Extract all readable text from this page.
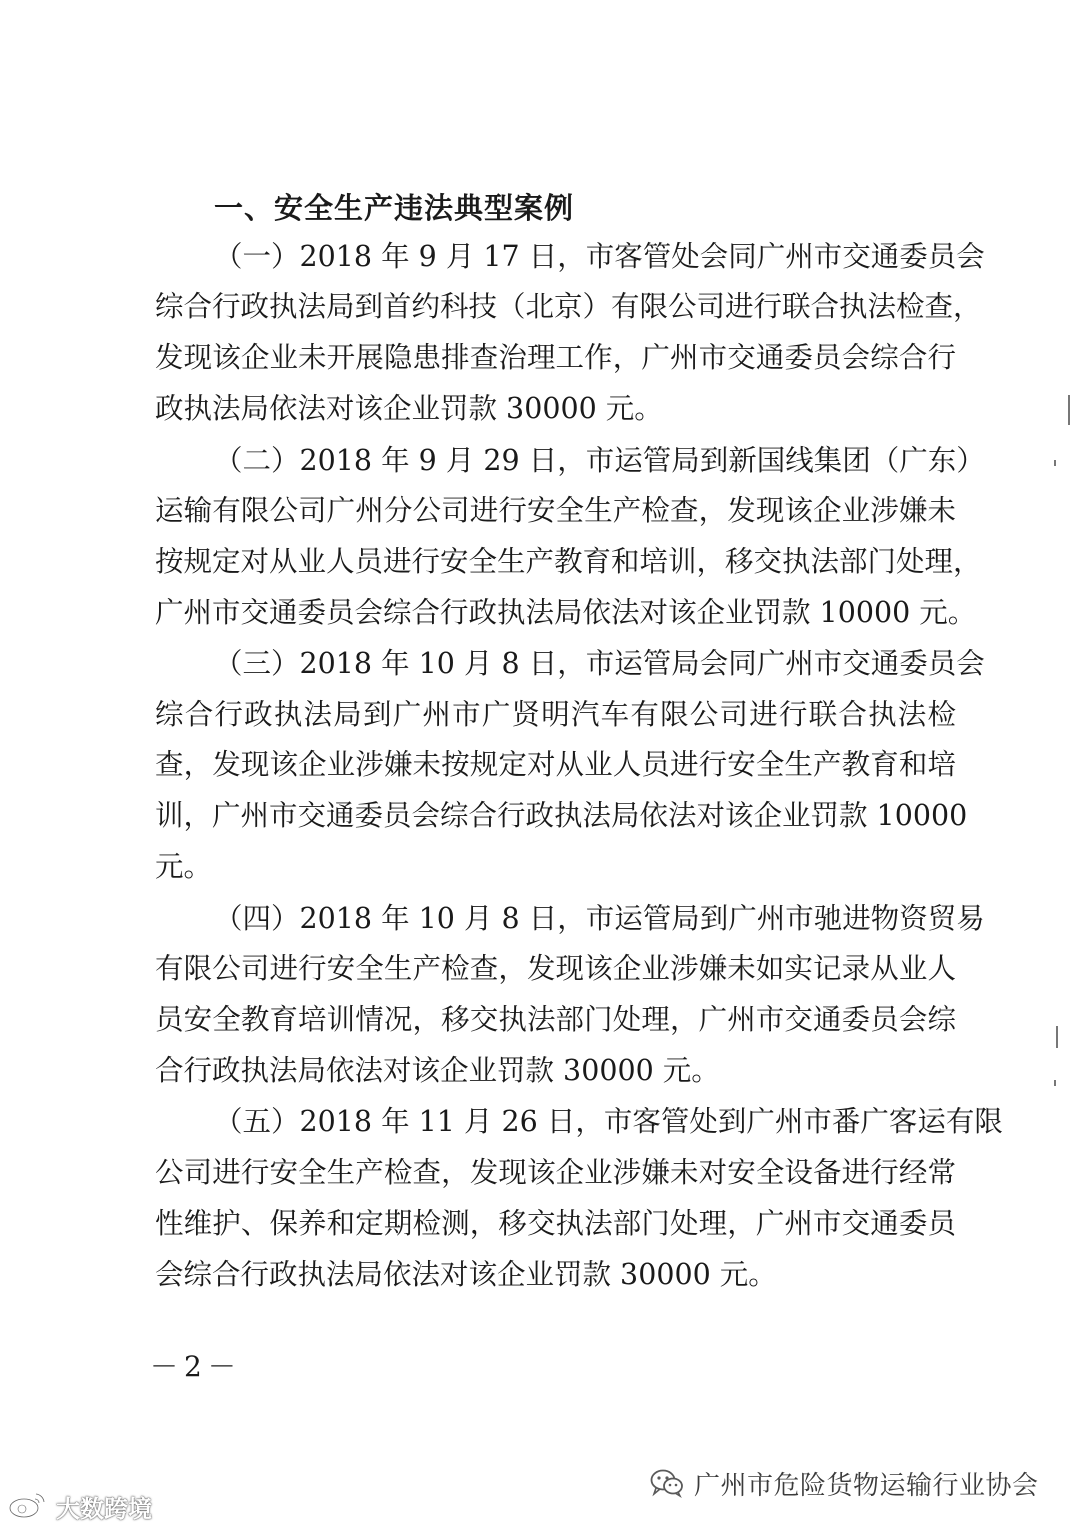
一、安全生产违法典型案例
（一）2018 年 9 月 17 日，市客管处会同广州市交通委员会
综合行政执法局到首约科技（北京）有限公司进行联合执法检查，
发现该企业未开展隐患排查治理工作，广州市交通委员会综合行
政执法局依法对该企业罚款 30000 元。
（二）2018 年 9 月 29 日，市运管局到新国线集团（广东）
运输有限公司广州分公司进行安全生产检查，发现该企业涉嫌未
按规定对从业人员进行安全生产教育和培训，移交执法部门处理，
广州市交通委员会综合行政执法局依法对该企业罚款 10000 元。
（三）2018 年 10 月 8 日，市运管局会同广州市交通委员会
综合行政执法局到广州市广贤明汽车有限公司进行联合执法检
查，发现该企业涉嫌未按规定对从业人员进行安全生产教育和培
训，广州市交通委员会综合行政执法局依法对该企业罚款 10000
元。
（四）2018 年 10 月 8 日，市运管局到广州市驰进物资贸易
有限公司进行安全生产检查，发现该企业涉嫌未如实记录从业人
员安全教育培训情况，移交执法部门处理，广州市交通委员会综
合行政执法局依法对该企业罚款 30000 元。
（五）2018 年 11 月 26 日，市客管处到广州市番广客运有限
公司进行安全生产检查，发现该企业涉嫌未对安全设备进行经常
性维护、保养和定期检测，移交执法部门处理，广州市交通委员
会综合行政执法局依法对该企业罚款 30000 元。
－2－
广州市危险货物运输行业协会
大数跨境
